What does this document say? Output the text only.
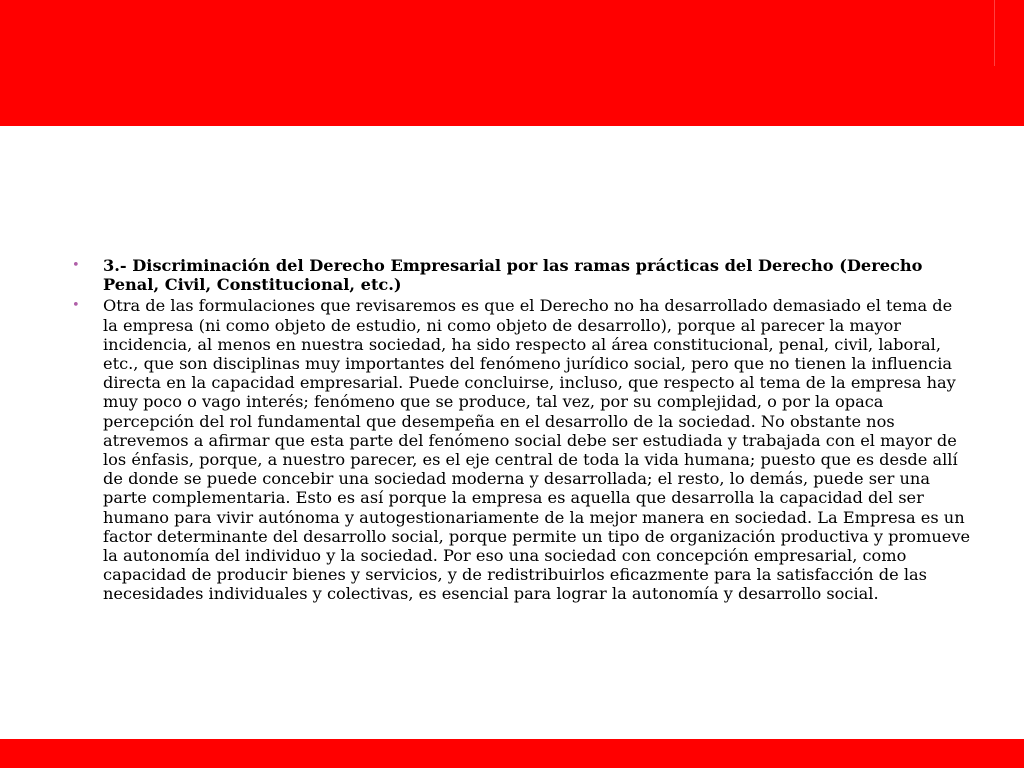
• 3.- Discriminación del Derecho Empresarial por las ramas prácticas del Derecho (Derecho Penal, Civil, Constitucional, etc.)
• Otra de las formulaciones que revisaremos es que el Derecho no ha desarrollado demasiado el tema de la empresa (ni como objeto de estudio, ni como objeto de desarrollo), porque al parecer la mayor incidencia, al menos en nuestra sociedad, ha sido respecto al área constitucional, penal, civil, laboral, etc., que son disciplinas muy importantes del fenómeno jurídico social, pero que no tienen la influencia directa en la capacidad empresarial. Puede concluirse, incluso, que respecto al tema de la empresa hay muy poco o vago interés; fenómeno que se produce, tal vez, por su complejidad, o por la opaca percepción del rol fundamental que desempeña en el desarrollo de la sociedad. No obstante nos atrevemos a afirmar que esta parte del fenómeno social debe ser estudiada y trabajada con el mayor de los énfasis, porque, a nuestro parecer, es el eje central de toda la vida humana; puesto que es desde allí de donde se puede concebir una sociedad moderna y desarrollada; el resto, lo demás, puede ser una parte complementaria. Esto es así porque la empresa es aquella que desarrolla la capacidad del ser humano para vivir autónoma y autogestionariamente de la mejor manera en sociedad. La Empresa es un factor determinante del desarrollo social, porque permite un tipo de organización productiva y promueve la autonomía del individuo y la sociedad. Por eso una sociedad con concepción empresarial, como capacidad de producir bienes y servicios, y de redistribuirlos eficazmente para la satisfacción de las necesidades individuales y colectivas, es esencial para lograr la autonomía y desarrollo social.
